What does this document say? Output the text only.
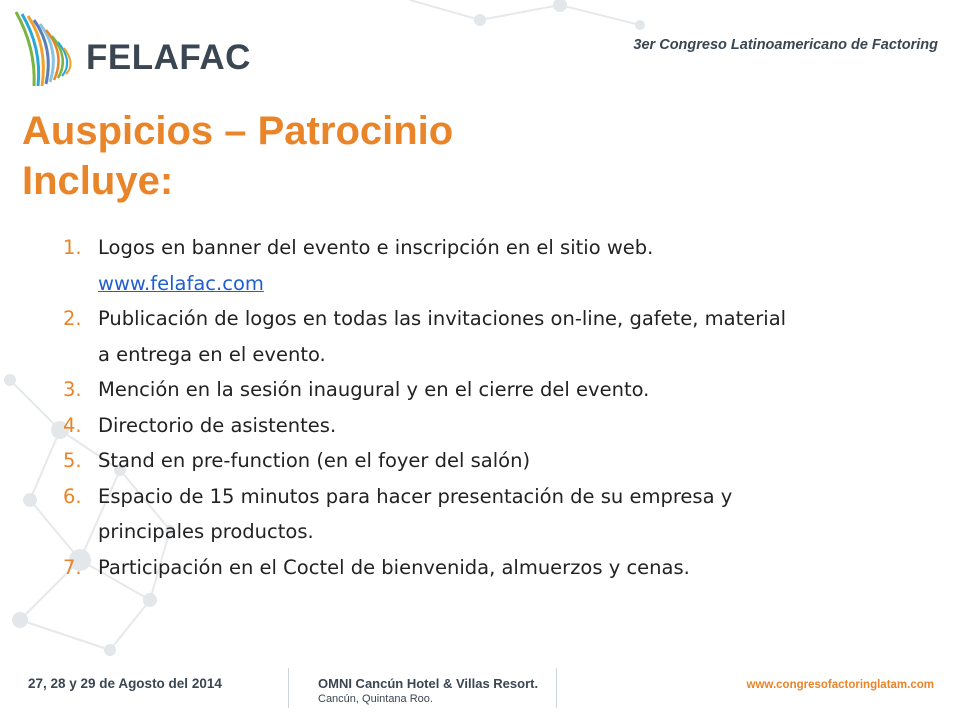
FELAFAC	3er Congreso Latinoamericano de Factoring
Auspicios – Patrocinio
Incluye:
1. Logos en banner del evento e inscripción en el sitio web.
www.felafac.com
2. Publicación de logos en todas las invitaciones on-line, gafete, material a entrega en el evento.
3. Mención en la sesión inaugural y en el cierre del evento.
4. Directorio de asistentes.
5. Stand en pre-function (en el foyer del salón)
6. Espacio de 15 minutos para hacer presentación de su empresa y principales productos.
7. Participación en el Coctel de bienvenida, almuerzos y cenas.
27, 28 y 29 de Agosto del 2014	OMNI Cancún Hotel & Villas Resort.
Cancún, Quintana Roo.
www.congresofactoringlatam.com
